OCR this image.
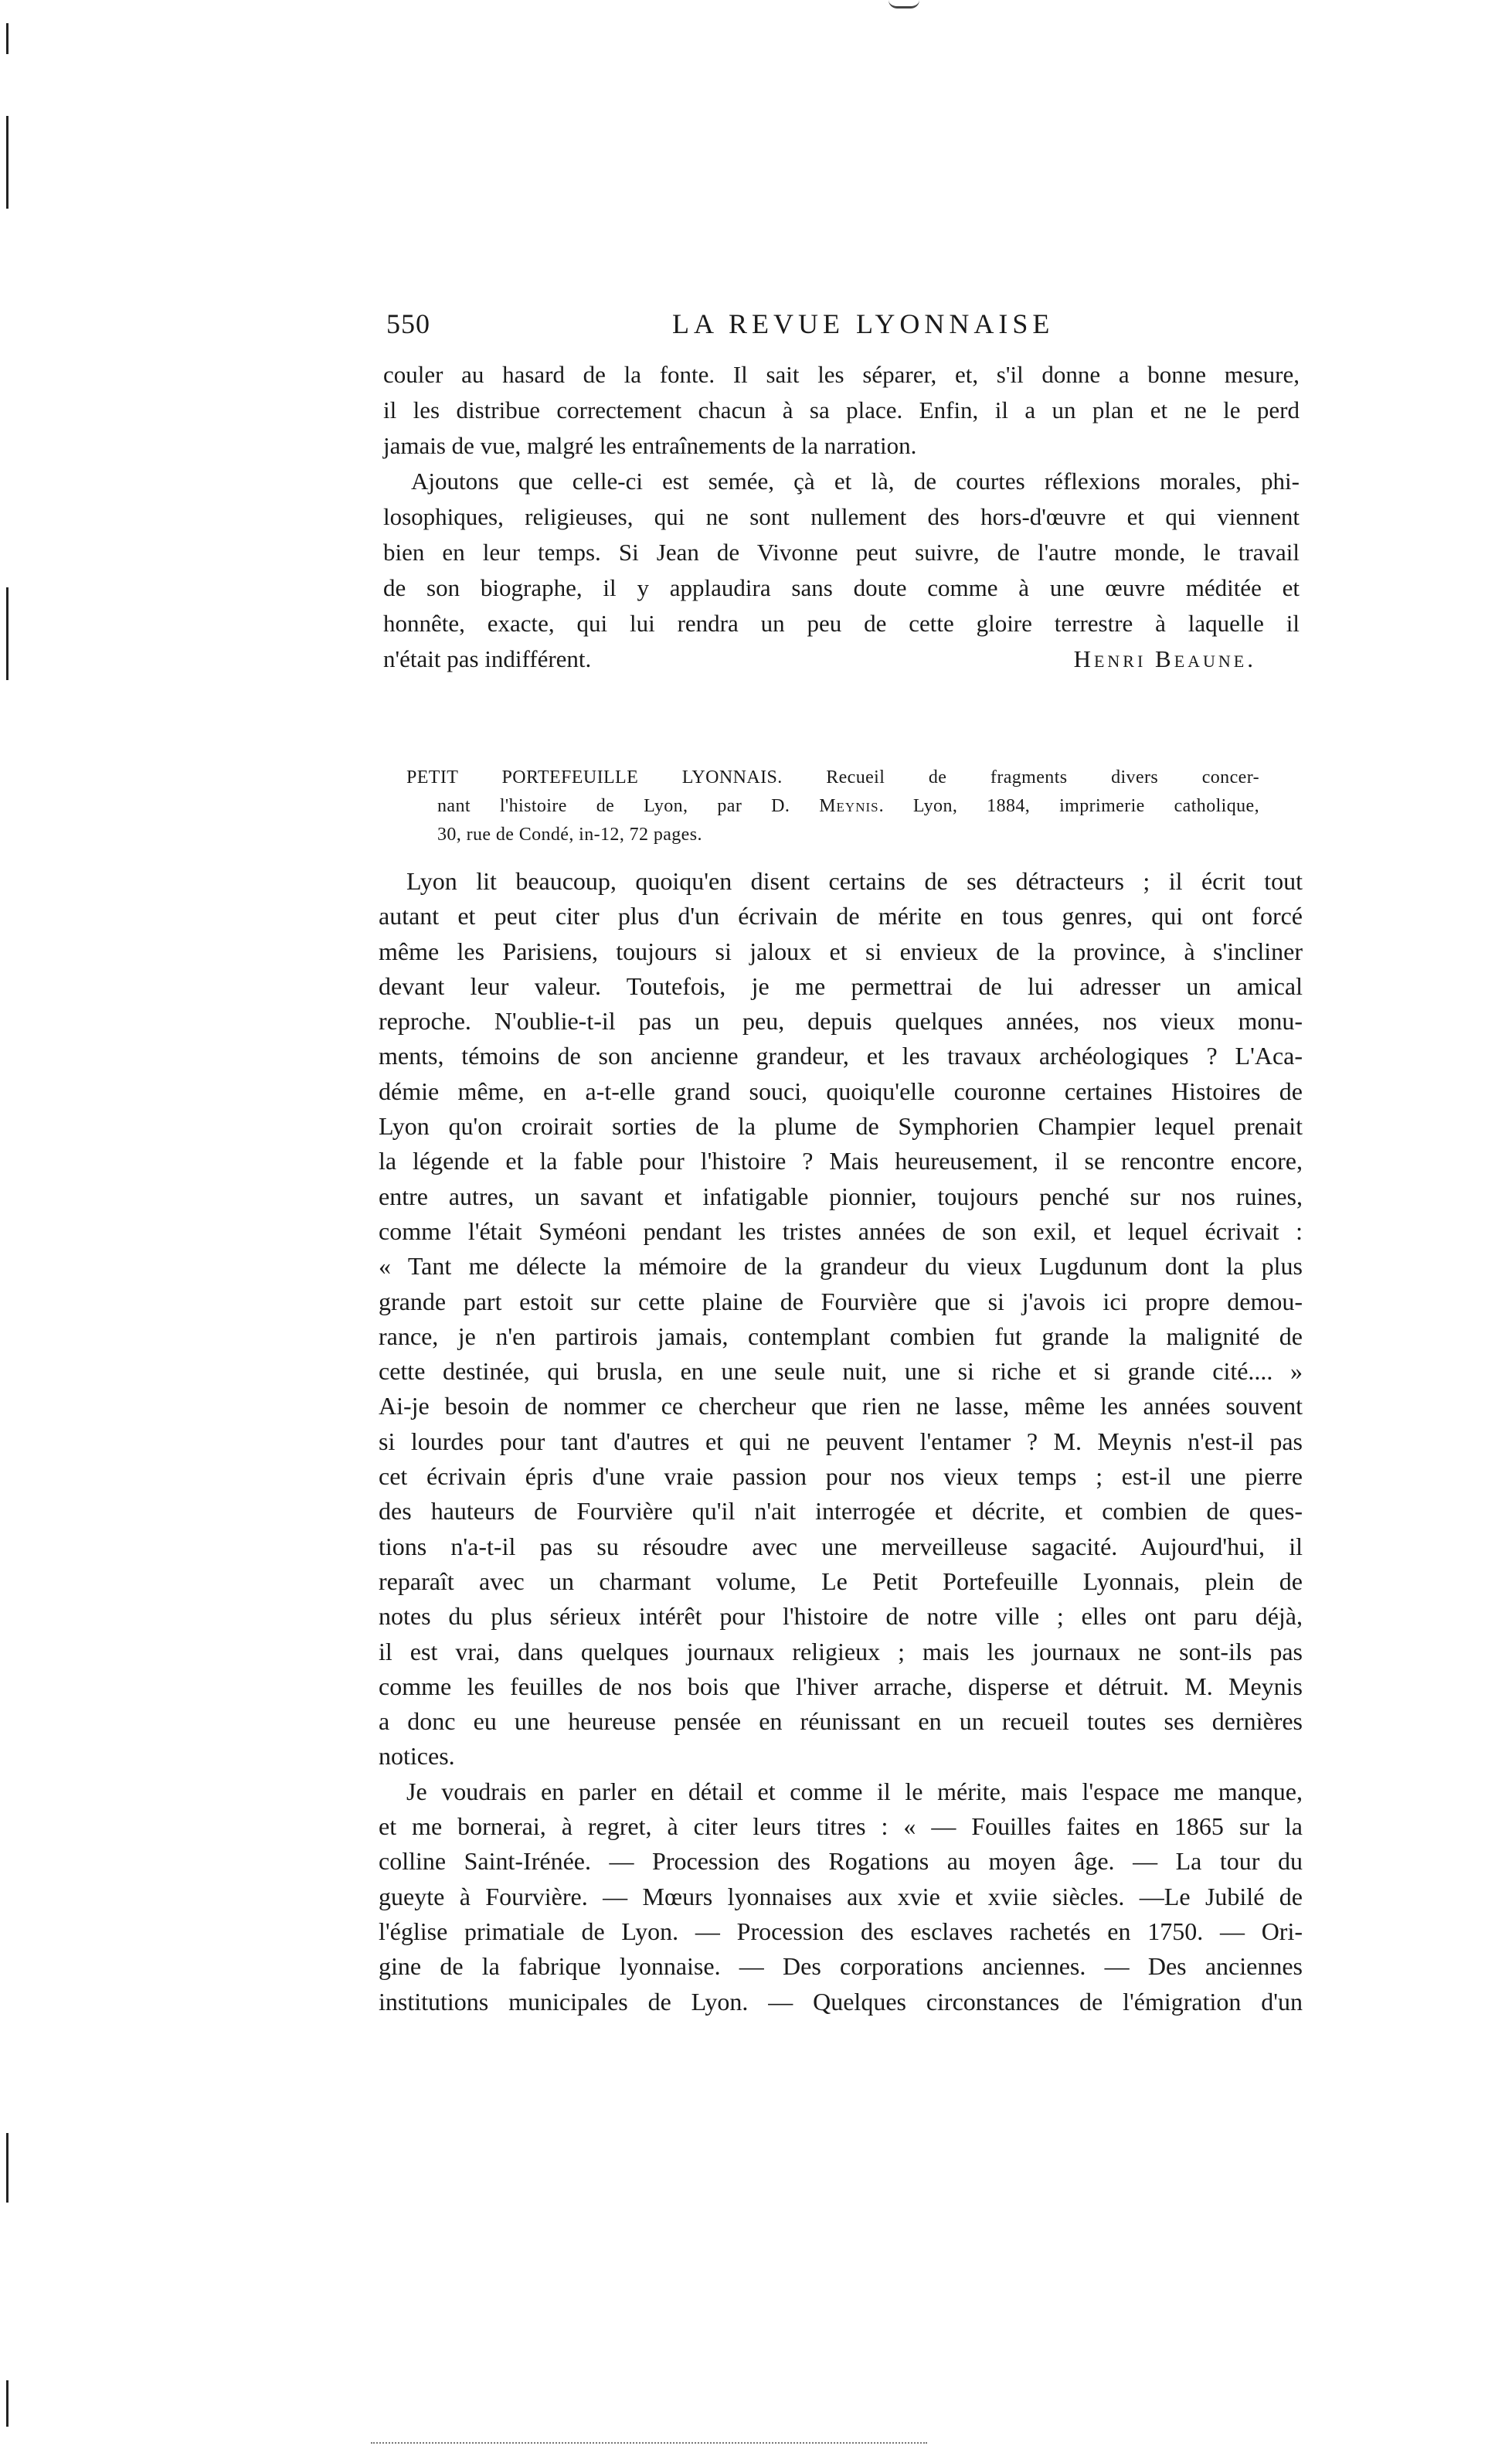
550	LA REVUE LYONNAISE
couler au hasard de la fonte. Il sait les séparer, et, s'il donne a bonne mesure,
il les distribue correctement chacun à sa place. Enfin, il a un plan et ne le perd
jamais de vue, malgré les entraînements de la narration.
Ajoutons que celle-ci est semée, çà et là, de courtes réflexions morales, phi-
losophiques, religieuses, qui ne sont nullement des hors-d'œuvre et qui viennent
bien en leur temps. Si Jean de Vivonne peut suivre, de l'autre monde, le travail
de son biographe, il y applaudira sans doute comme à une œuvre méditée et
honnête, exacte, qui lui rendra un peu de cette gloire terrestre à laquelle il
n'était pas indifférent.	Henri Beaune.
PETIT PORTEFEUILLE LYONNAIS. Recueil de fragments divers concer-
nant l'histoire de Lyon, par D. Meynis. Lyon, 1884, imprimerie catholique,
30, rue de Condé, in-12, 72 pages.
Lyon lit beaucoup, quoiqu'en disent certains de ses détracteurs ; il écrit tout
autant et peut citer plus d'un écrivain de mérite en tous genres, qui ont forcé
même les Parisiens, toujours si jaloux et si envieux de la province, à s'incliner
devant leur valeur. Toutefois, je me permettrai de lui adresser un amical
reproche. N'oublie-t-il pas un peu, depuis quelques années, nos vieux monu-
ments, témoins de son ancienne grandeur, et les travaux archéologiques ? L'Aca-
démie même, en a-t-elle grand souci, quoiqu'elle couronne certaines Histoires de
Lyon qu'on croirait sorties de la plume de Symphorien Champier lequel prenait
la légende et la fable pour l'histoire ? Mais heureusement, il se rencontre encore,
entre autres, un savant et infatigable pionnier, toujours penché sur nos ruines,
comme l'était Syméoni pendant les tristes années de son exil, et lequel écrivait :
« Tant me délecte la mémoire de la grandeur du vieux Lugdunum dont la plus
grande part estoit sur cette plaine de Fourvière que si j'avois ici propre demou-
rance, je n'en partirois jamais, contemplant combien fut grande la malignité de
cette destinée, qui brusla, en une seule nuit, une si riche et si grande cité.... »
Ai-je besoin de nommer ce chercheur que rien ne lasse, même les années souvent
si lourdes pour tant d'autres et qui ne peuvent l'entamer ? M. Meynis n'est-il pas
cet écrivain épris d'une vraie passion pour nos vieux temps ; est-il une pierre
des hauteurs de Fourvière qu'il n'ait interrogée et décrite, et combien de ques-
tions n'a-t-il pas su résoudre avec une merveilleuse sagacité. Aujourd'hui, il
reparaît avec un charmant volume, Le Petit Portefeuille Lyonnais, plein de
notes du plus sérieux intérêt pour l'histoire de notre ville ; elles ont paru déjà,
il est vrai, dans quelques journaux religieux ; mais les journaux ne sont-ils pas
comme les feuilles de nos bois que l'hiver arrache, disperse et détruit. M. Meynis
a donc eu une heureuse pensée en réunissant en un recueil toutes ses dernières
notices.
Je voudrais en parler en détail et comme il le mérite, mais l'espace me manque,
et me bornerai, à regret, à citer leurs titres : « — Fouilles faites en 1865 sur la
colline Saint-Irénée. — Procession des Rogations au moyen âge. — La tour du
gueyte à Fourvière. — Mœurs lyonnaises aux xvie et xviie siècles. —Le Jubilé de
l'église primatiale de Lyon. — Procession des esclaves rachetés en 1750. — Ori-
gine de la fabrique lyonnaise. — Des corporations anciennes. — Des anciennes
institutions municipales de Lyon. — Quelques circonstances de l'émigration d'un
